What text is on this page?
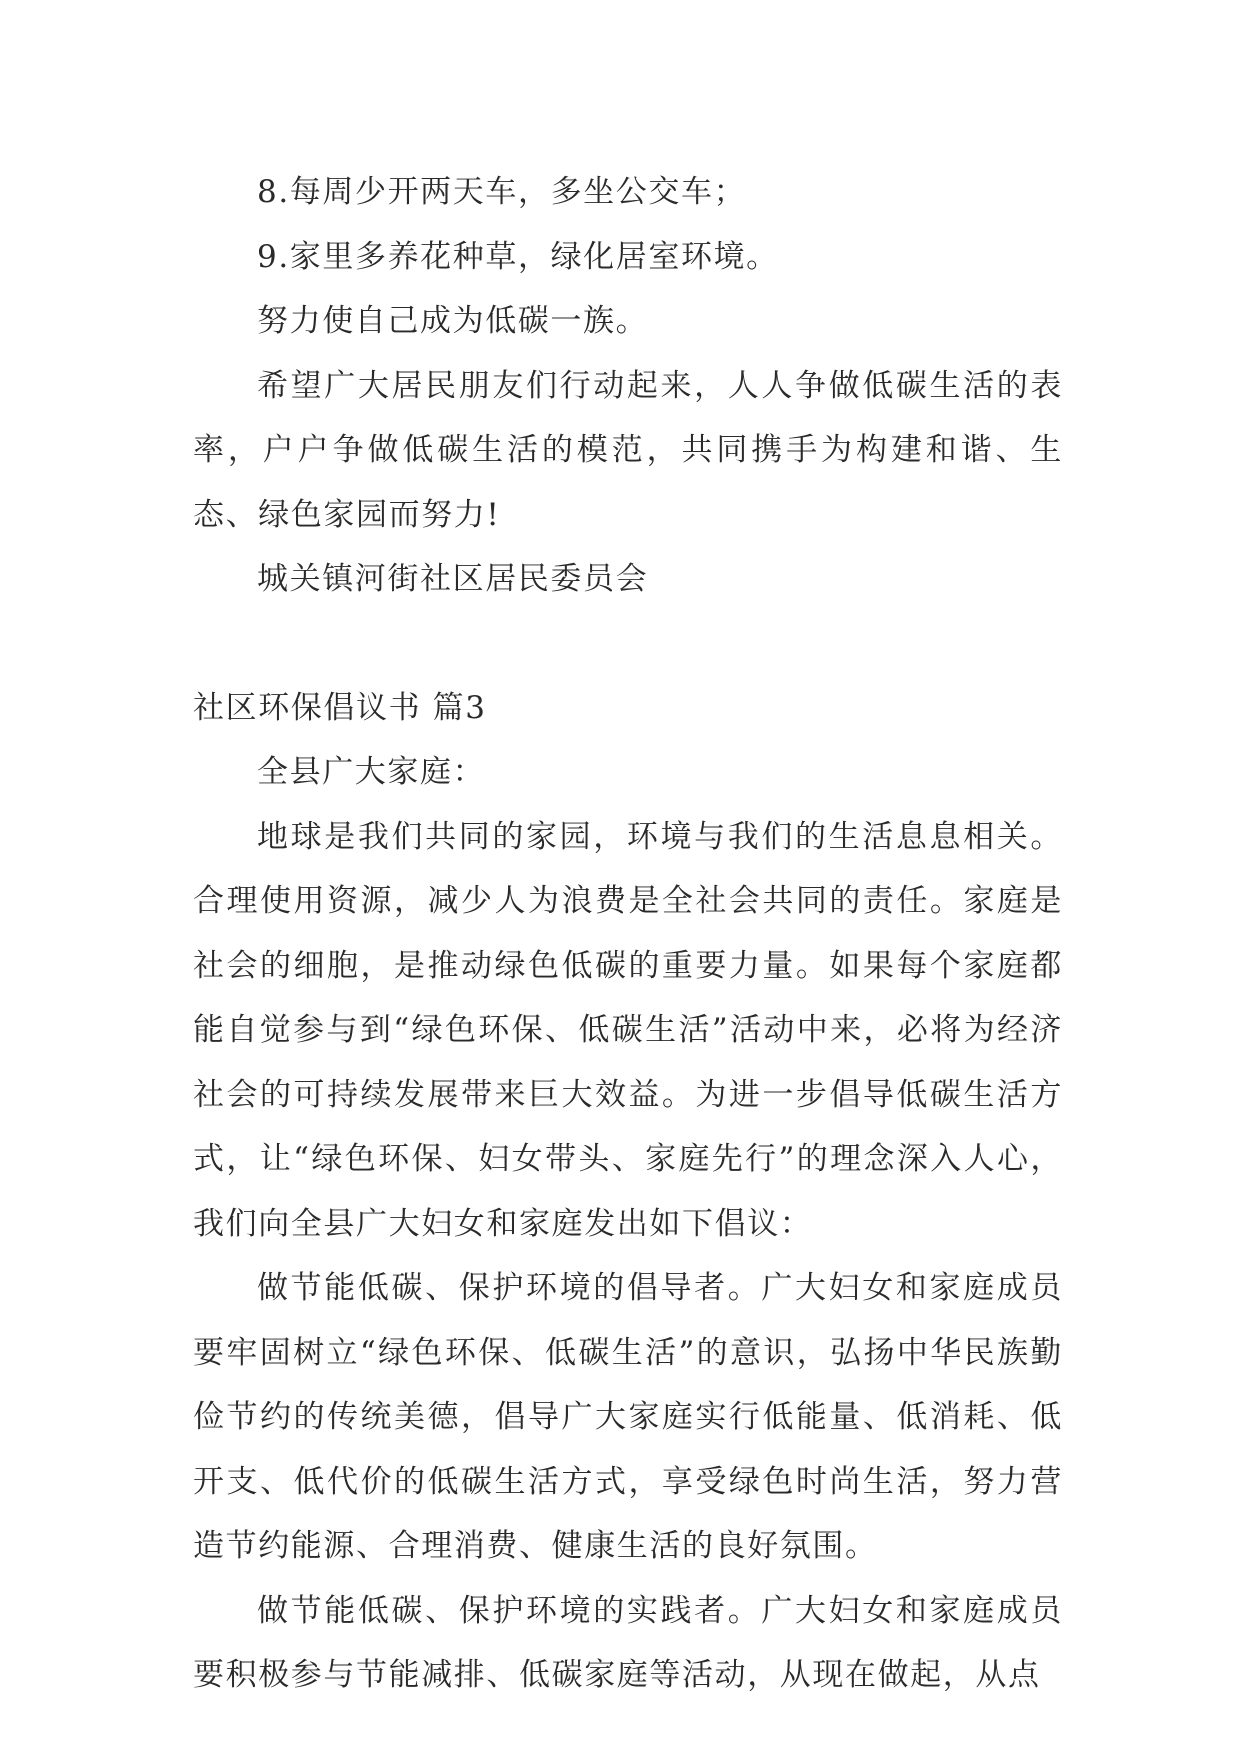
8.每周少开两天车，多坐公交车；

9.家里多养花种草，绿化居室环境。

努力使自己成为低碳一族。

希望广大居民朋友们行动起来，人人争做低碳生活的表率，户户争做低碳生活的模范，共同携手为构建和谐、生态、绿色家园而努力!

城关镇河街社区居民委员会

社区环保倡议书 篇3

全县广大家庭：

地球是我们共同的家园，环境与我们的生活息息相关。合理使用资源，减少人为浪费是全社会共同的责任。家庭是社会的细胞，是推动绿色低碳的重要力量。如果每个家庭都能自觉参与到“绿色环保、低碳生活”活动中来，必将为经济社会的可持续发展带来巨大效益。为进一步倡导低碳生活方式，让“绿色环保、妇女带头、家庭先行”的理念深入人心，我们向全县广大妇女和家庭发出如下倡议：

做节能低碳、保护环境的倡导者。广大妇女和家庭成员要牢固树立“绿色环保、低碳生活”的意识，弘扬中华民族勤俭节约的传统美德，倡导广大家庭实行低能量、低消耗、低开支、低代价的低碳生活方式，享受绿色时尚生活，努力营造节约能源、合理消费、健康生活的良好氛围。

做节能低碳、保护环境的实践者。广大妇女和家庭成员要积极参与节能减排、低碳家庭等活动，从现在做起，从点
